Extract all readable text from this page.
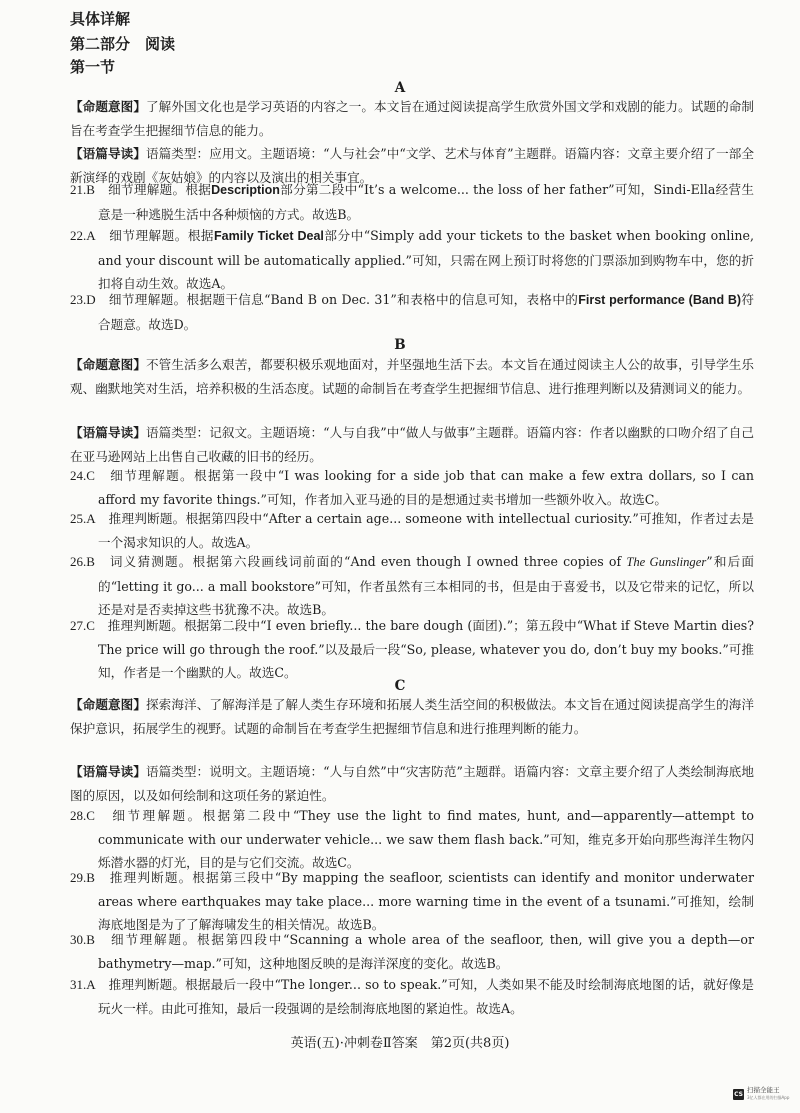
具体详解
第二部分　阅读
第一节
A
【命题意图】了解外国文化也是学习英语的内容之一。本文旨在通过阅读提高学生欣赏外国文学和戏剧的能力。试题的命制旨在考查学生把握细节信息的能力。
【语篇导读】语篇类型：应用文。主题语境：“人与社会”中“文学、艺术与体育”主题群。语篇内容：文章主要介绍了一部全新演绎的戏剧《灰姑娘》的内容以及演出的相关事宜。
21.B　 细节理解题。根据Description部分第二段中“It’s a welcome... the loss of her father”可知，Sindi-Ella经营生意是一种逃脱生活中各种烦恼的方式。故选B。
22.A　 细节理解题。根据Family Ticket Deal部分中“Simply add your tickets to the basket when booking online, and your discount will be automatically applied.”可知，只需在网上预订时将您的门票添加到购物车中，您的折扣将自动生效。故选A。
23.D　 细节理解题。根据题干信息“Band B on Dec. 31”和表格中的信息可知，表格中的First performance (Band B)符合题意。故选D。
B
【命题意图】不管生活多么艰苦，都要积极乐观地面对，并坚强地生活下去。本文旨在通过阅读主人公的故事，引导学生乐观、幽默地笑对生活，培养积极的生活态度。试题的命制旨在考查学生把握细节信息、进行推理判断以及猜测词义的能力。
【语篇导读】语篇类型：记叙文。主题语境：“人与自我”中“做人与做事”主题群。语篇内容：作者以幽默的口吻介绍了自己在亚马逊网站上出售自己收藏的旧书的经历。
24.C　 细节理解题。根据第一段中“I was looking for a side job that can make a few extra dollars, so I can afford my favorite things.”可知，作者加入亚马逊的目的是想通过卖书增加一些额外收入。故选C。
25.A　 推理判断题。根据第四段中“After a certain age... someone with intellectual curiosity.”可推知，作者过去是一个渴求知识的人。故选A。
26.B　 词义猜测题。根据第六段画线词前面的“And even though I owned three copies of The Gunslinger”和后面的“letting it go... a mall bookstore”可知，作者虽然有三本相同的书，但是由于喜爱书，以及它带来的记忆，所以还是对是否卖掉这些书犹豫不决。故选B。
27.C　 推理判断题。根据第二段中“I even briefly... the bare dough (面团).”；第五段中“What if Steve Martin dies? The price will go through the roof.”以及最后一段“So, please, whatever you do, don’t buy my books.”可推知，作者是一个幽默的人。故选C。
C
【命题意图】探索海洋、了解海洋是了解人类生存环境和拓展人类生活空间的积极做法。本文旨在通过阅读提高学生的海洋保护意识，拓展学生的视野。试题的命制旨在考查学生把握细节信息和进行推理判断的能力。
【语篇导读】语篇类型：说明文。主题语境：“人与自然”中“灾害防范”主题群。语篇内容：文章主要介绍了人类绘制海底地图的原因，以及如何绘制和这项任务的紧迫性。
28.C　 细节理解题。根据第二段中“They use the light to find mates, hunt, and—apparently—attempt to communicate with our underwater vehicle... we saw them flash back.”可知，维克多开始向那些海洋生物闪烁潜水器的灯光，目的是与它们交流。故选C。
29.B　 推理判断题。根据第三段中“By mapping the seafloor, scientists can identify and monitor underwater areas where earthquakes may take place... more warning time in the event of a tsunami.”可推知，绘制海底地图是为了了解海啸发生的相关情况。故选B。
30.B　 细节理解题。根据第四段中“Scanning a whole area of the seafloor, then, will give you a depth—or bathymetry—map.”可知，这种地图反映的是海洋深度的变化。故选B。
31.A　 推理判断题。根据最后一段中“The longer... so to speak.”可知，人类如果不能及时绘制海底地图的话，就好像是玩火一样。由此可推知，最后一段强调的是绘制海底地图的紧迫性。故选A。
英语(五)·冲刺卷Ⅱ答案　第2页(共8页)
CS 扫描全能王
3亿人都在用的扫描App
